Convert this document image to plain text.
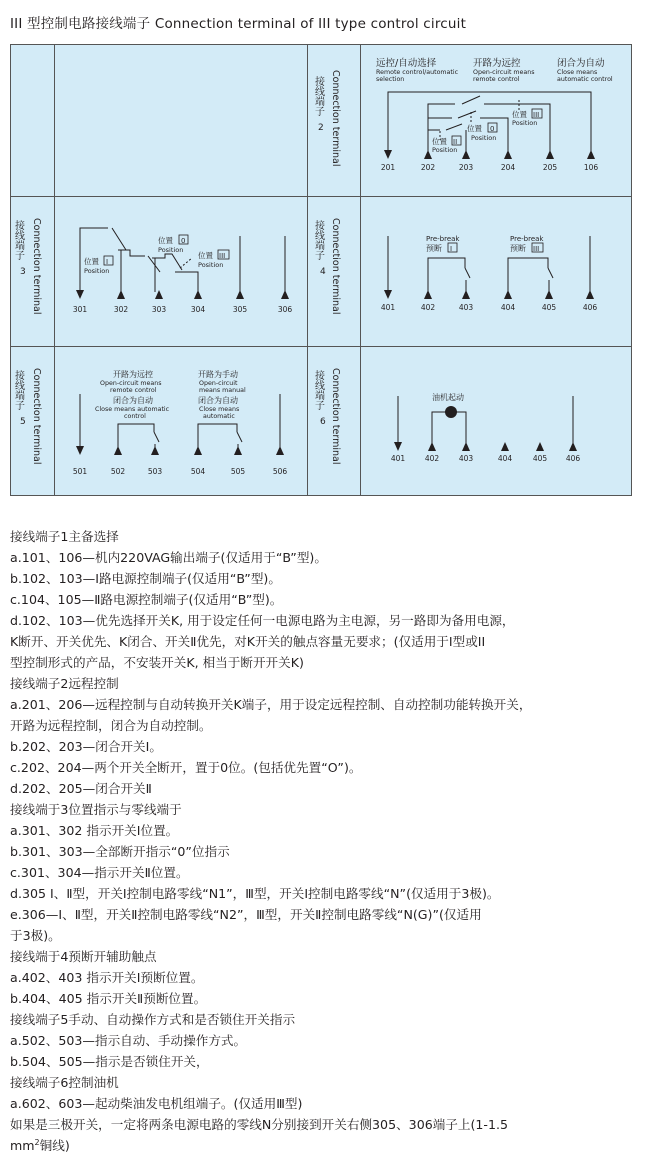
III 型控制电路接线端子 Connection terminal of III type control circuit
接线端子
2 Connection terminal
接线端子
3 Connection terminal	接线端子
4 Connection terminal
接线端子
5 Connection terminal	接线端子
6 Connection terminal
远控/自动选择
Remote control/automatic
selection
开路为远控
Open-circuit means
remote control
闭合为自动
Close means
automatic control
位置 III
Position
位置 0
Position
位置 II
Position
201	202	203	204	205	106
位置 I
Position
位置 0
Position
位置 III
Position
301	302	303	304	305	306
Pre-break
预断 I
Pre-break
预断 III
401	402	403	404	405	406
开路为远控
Open-circuit means
remote control
闭合为自动
Close means automatic
control
开路为手动
Open-circuit
means manual
闭合为自动
Close means
automatic
501	502	503	504	505	506
油机起动
401	402	403	404	405 406
接线端子1主备选择
a.101、106—机内220VAG输出端子(仅适用于“B”型)。
b.102、103—I路电源控制端子(仅适用“B”型)。
c.104、105—Ⅱ路电源控制端子(仅适用“B”型)。
d.102、103—优先选择开关K, 用于设定任何一电源电路为主电源，另一路即为备用电源，
K断开、开关优先、K闭合、开关Ⅱ优先，对K开关的触点容量无要求；(仅适用于I型或II
型控制形式的产品，不安装开关K, 相当于断开开关K)
接线端子2远程控制
a.201、206—远程控制与自动转换开关K端子，用于设定远程控制、自动控制功能转换开关，
开路为远程控制，闭合为自动控制。
b.202、203—闭合开关I。
c.202、204—两个开关全断开，置于0位。(包括优先置“O”)。
d.202、205—闭合开关Ⅱ
接线端于3位置指示与零线端于
a.301、302 指示开关I位置。
b.301、303—全部断开指示“0”位指示
c.301、304—指示开关Ⅱ位置。
d.305 I、Ⅱ型，开关I控制电路零线“N1”，Ⅲ型，开关I控制电路零线“N”(仅适用于3极)。
e.306—I、Ⅱ型，开关Ⅱ控制电路零线“N2”，Ⅲ型，开关Ⅱ控制电路零线“N(G)”(仅适用
于3极)。
接线端于4预断开辅助触点
a.402、403 指示开关I预断位置。
b.404、405 指示开关Ⅱ预断位置。
接线端子5手动、自动操作方式和是否锁住开关指示
a.502、503—指示自动、手动操作方式。
b.504、505—指示是否锁住开关，
接线端子6控制油机
a.602、603—起动柴油发电机组端子。(仅适用Ⅲ型)
如果是三极开关，一定将两条电源电路的零线N分别接到开关右侧305、306端子上(1-1.5
$mm^2$铜线)
